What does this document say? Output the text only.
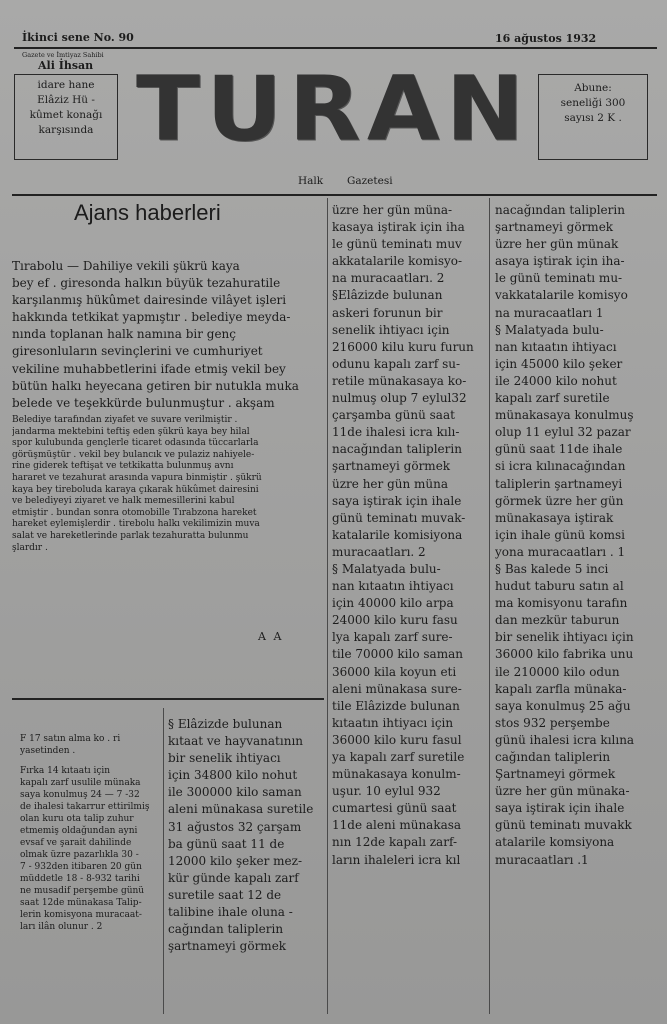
İkinci sene No. 90	16 ağustos 1932
Gazete ve İmtiyaz Sahibi
Ali İhsan
idare hane
Elâziz Hü -
kûmet konağı
karşısında TURAN	Abune:
seneliği 300
sayısı 2 K .
Halk Gazetesi
Ajans haberleri

Tırabolu — Dahiliye vekili şükrü kaya

bey ef . giresonda halkın büyük tezahuratile

karşılanmış hükûmet dairesinde vilâyet işleri

hakkında tetkikat yapmıştır . belediye meyda-

nında toplanan halk namına bir genç

giresonluların sevinçlerini ve cumhuriyet

vekiline muhabbetlerini ifade etmiş vekil bey

bütün halkı heyecana getiren bir nutukla muka

belede ve teşekkürde bulunmuştur . akşam

Belediye tarafından ziyafet ve suvare verilmiştir .

jandarma mektebini teftiş eden şükrü kaya bey hilal

spor kulubunda gençlerle ticaret odasında tüccarlarla

görüşmüştür . vekil bey bulancık ve pulaziz nahiyele-

rine giderek teftişat ve tetkikatta bulunmuş avnı

hararet ve tezahurat arasında vapura binmiştir . şükrü

kaya bey tireboluda karaya çıkarak hükûmet dairesini

ve belediyeyi ziyaret ve halk memesillerini kabul

etmiştir . bundan sonra otomobille Tırabzona hareket

hareket eylemişlerdir . tirebolu halkı vekilimizin muva

salat ve hareketlerinde parlak tezahuratta bulunmu

şlardır .

A A

F 17 satın alma ko . ri

yasetinden .

Fırka 14 kıtaatı için

kapalı zarf usulile münaka

saya konulmuş 24 — 7 -32

de ihalesi takarrur ettirilmiş

olan kuru ota talip zuhur

etmemiş oldağundan ayni

evsaf ve şarait dahilinde

olmak üzre pazarlıkla 30 -

7 - 932den itibaren 20 gün

müddetle 18 - 8-932 tarihi

ne musadif perşembe günü

saat 12de münakasa Talip-

lerin komisyona muracaat-

ları ilân olunur . 2

§ Elâzizde bulunan

kıtaat ve hayvanatının

bir senelik ihtiyacı

için 34800 kilo nohut

ile 300000 kilo saman

aleni münakasa suretile

31 ağustos 32 çarşam

ba günü saat 11 de

12000 kilo şeker mez-

kür günde kapalı zarf

suretile saat 12 de

talibine ihale oluna -

cağından taliplerin

şartnameyi görmek

üzre her gün müna-

kasaya iştirak için iha

le günü teminatı muv

akkatalarile komisyo-

na muracaatları. 2

§Elâzizde bulunan

askeri forunun bir

senelik ihtiyacı için

216000 kilu kuru furun

odunu kapalı zarf su-

retile münakasaya ko-

nulmuş olup 7 eylul32

çarşamba günü saat

11de ihalesi icra kılı-

nacağından taliplerin

şartnameyi görmek

üzre her gün müna

saya iştirak için ihale

günü teminatı muvak-

katalarile komisiyona

muracaatları. 2

§ Malatyada bulu-

nan kıtaatın ihtiyacı

için 40000 kilo arpa

24000 kilo kuru fasu

lya kapalı zarf sure-

tile 70000 kilo saman

36000 kila koyun eti

aleni münakasa sure-

tile Elâzizde bulunan

kıtaatın ihtiyacı için

36000 kilo kuru fasul

ya kapalı zarf suretile

münakasaya konulm-

uşur. 10 eylul 932

cumartesi günü saat

11de aleni münakasa

nın 12de kapalı zarf-

ların ihaleleri icra kıl

nacağından taliplerin

şartnameyi görmek

üzre her gün münak

asaya iştirak için iha-

le günü teminatı mu-

vakkatalarile komisyo

na muracaatları 1

§ Malatyada bulu-

nan kıtaatın ihtiyacı

için 45000 kilo şeker

ile 24000 kilo nohut

kapalı zarf suretile

münakasaya konulmuş

olup 11 eylul 32 pazar

günü saat 11de ihale

si icra kılınacağından

taliplerin şartnameyi

görmek üzre her gün

münakasaya iştirak

için ihale günü komsi

yona muracaatları . 1

§ Bas kalede 5 inci

hudut taburu satın al

ma komisyonu tarafın

dan mezkür taburun

bir senelik ihtiyacı için

36000 kilo fabrika unu

ile 210000 kilo odun

kapalı zarfla münaka-

saya konulmuş 25 ağu

stos 932 perşembe

günü ihalesi icra kılına

cağından taliplerin

Şartnameyi görmek

üzre her gün münaka-

saya iştirak için ihale

günü teminatı muvakk

atalarile komsiyona

muracaatları .1
